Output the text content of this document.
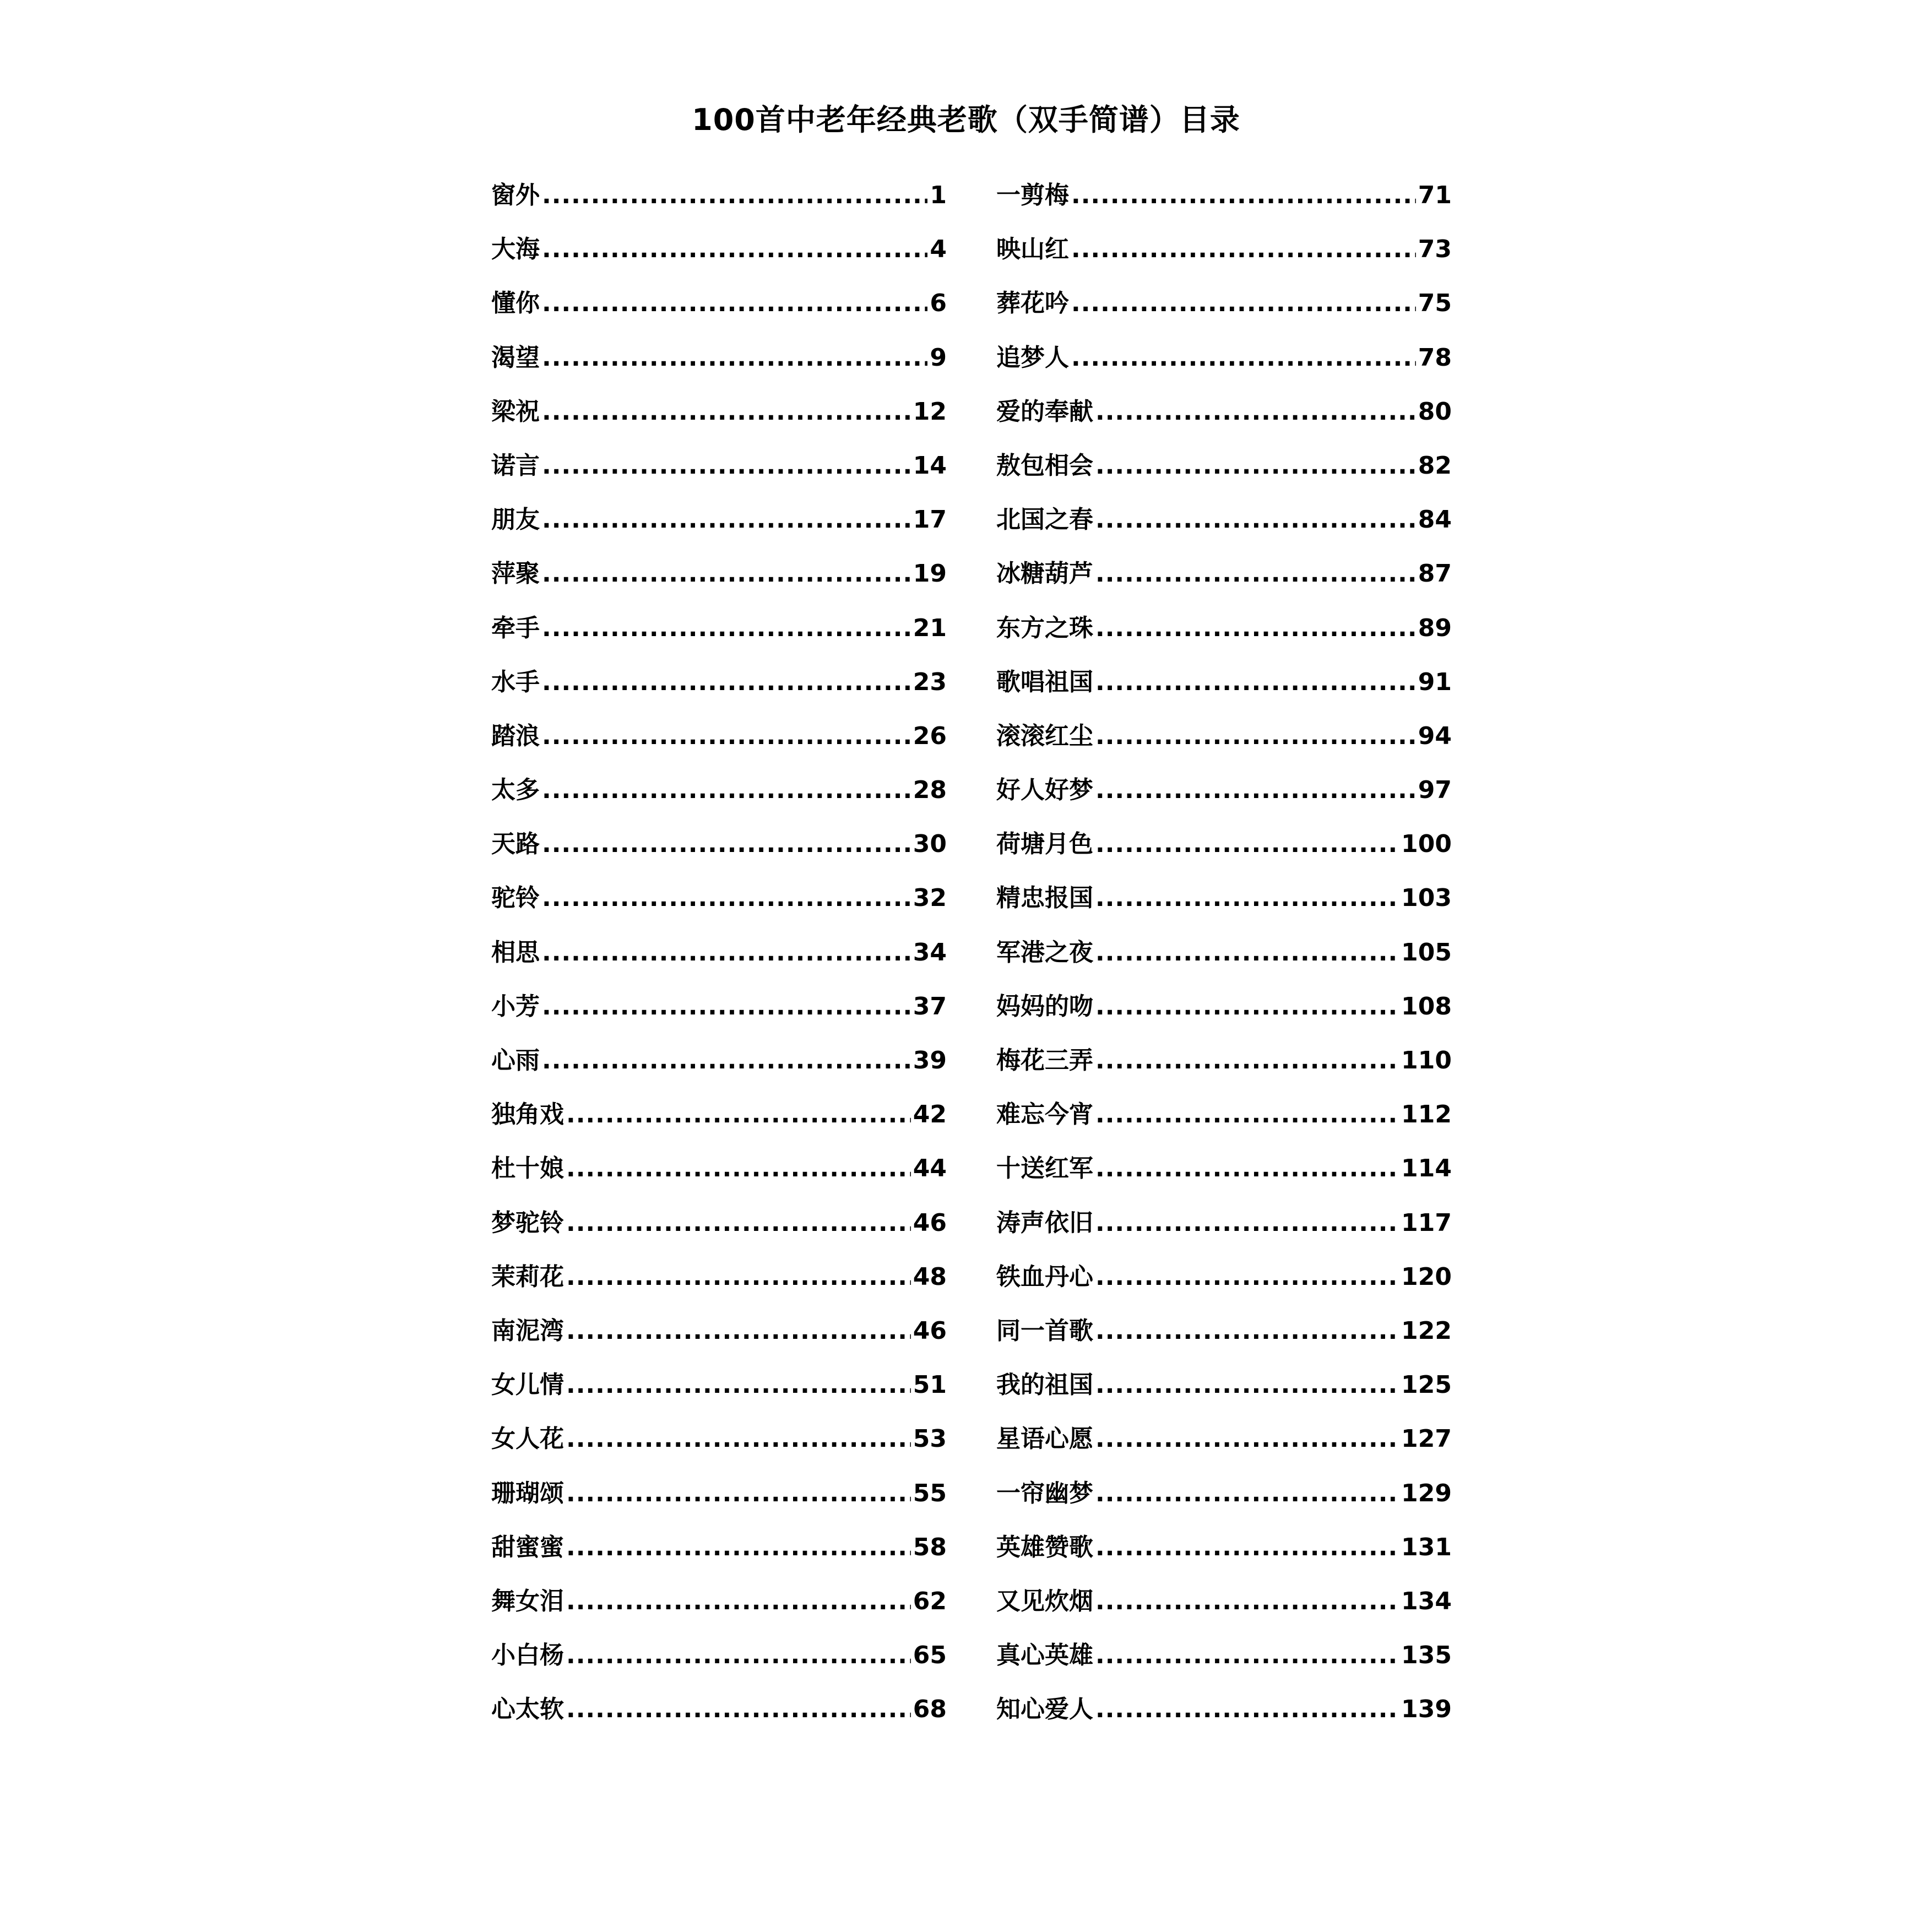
100首中老年经典老歌（双手简谱）目录
窗外 .....	1
大海 .....	4
懂你 .....	6
渴望 .....	9
梁祝 .....	12
诺言 .....	14
朋友 .....	17
萍聚 .....	19
牵手 .....	21
水手 .....	23
踏浪 .....	26
太多 .....	28
天路 .....	30
驼铃 .....	32
相思 .....	34
小芳 .....	37
心雨 .....	39
独角戏 .....	42
杜十娘 .....	44
梦驼铃 .....	46
茉莉花 .....	48
南泥湾 .....	46
女儿情 .....	51
女人花 .....	53
珊瑚颂 .....	55
甜蜜蜜 .....	58
舞女泪 .....	62
小白杨 .....	65
心太软 .....	68
一剪梅 .....	71
映山红 .....	73
葬花吟 .....	75
追梦人 .....	78
爱的奉献 .....	80
敖包相会 .....	82
北国之春 .....	84
冰糖葫芦 .....	87
东方之珠 .....	89
歌唱祖国 .....	91
滚滚红尘 .....	94
好人好梦 .....	97
荷塘月色 .....	100
精忠报国 .....	103
军港之夜 .....	105
妈妈的吻 .....	108
梅花三弄 .....	110
难忘今宵 .....	112
十送红军 .....	114
涛声依旧 .....	117
铁血丹心 .....	120
同一首歌 .....	122
我的祖国 .....	125
星语心愿 .....	127
一帘幽梦 .....	129
英雄赞歌 .....	131
又见炊烟 .....	134
真心英雄 .....	135
知心爱人 .....	139
